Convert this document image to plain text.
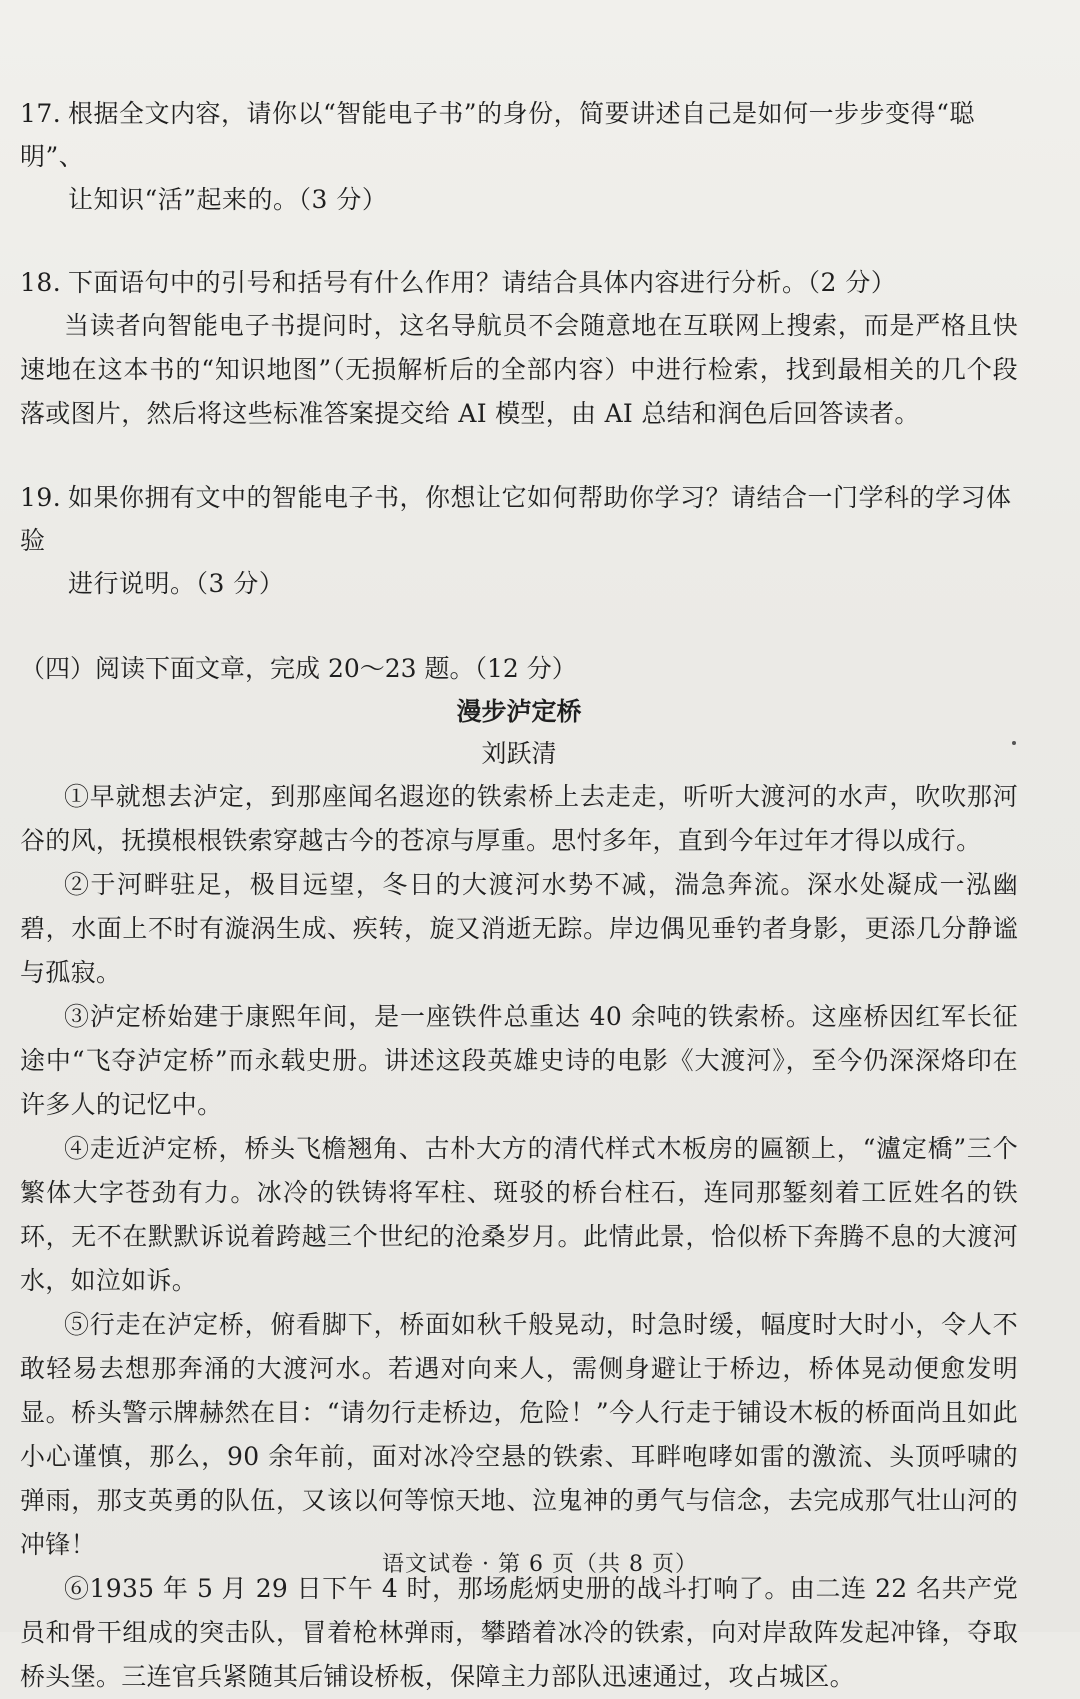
17. 根据全文内容，请你以“智能电子书”的身份，简要讲述自己是如何一步步变得“聪明”、
让知识“活”起来的。（3 分）
18. 下面语句中的引号和括号有什么作用？请结合具体内容进行分析。（2 分）

当读者向智能电子书提问时，这名导航员不会随意地在互联网上搜索，而是严格且快速地在这本书的“知识地图”（无损解析后的全部内容）中进行检索，找到最相关的几个段落或图片，然后将这些标准答案提交给 AI 模型，由 AI 总结和润色后回答读者。

19. 如果你拥有文中的智能电子书，你想让它如何帮助你学习？请结合一门学科的学习体验
进行说明。（3 分）

（四）阅读下面文章，完成 20～23 题。（12 分）

漫步泸定桥

刘跃清

①早就想去泸定，到那座闻名遐迩的铁索桥上去走走，听听大渡河的水声，吹吹那河谷的风，抚摸根根铁索穿越古今的苍凉与厚重。思忖多年，直到今年过年才得以成行。

②于河畔驻足，极目远望，冬日的大渡河水势不减，湍急奔流。深水处凝成一泓幽碧，水面上不时有漩涡生成、疾转，旋又消逝无踪。岸边偶见垂钓者身影，更添几分静谧与孤寂。

③泸定桥始建于康熙年间，是一座铁件总重达 40 余吨的铁索桥。这座桥因红军长征途中“飞夺泸定桥”而永载史册。讲述这段英雄史诗的电影《大渡河》，至今仍深深烙印在许多人的记忆中。

④走近泸定桥，桥头飞檐翘角、古朴大方的清代样式木板房的匾额上，“瀘定橋”三个繁体大字苍劲有力。冰冷的铁铸将军柱、斑驳的桥台柱石，连同那錾刻着工匠姓名的铁环，无不在默默诉说着跨越三个世纪的沧桑岁月。此情此景，恰似桥下奔腾不息的大渡河水，如泣如诉。

⑤行走在泸定桥，俯看脚下，桥面如秋千般晃动，时急时缓，幅度时大时小，令人不敢轻易去想那奔涌的大渡河水。若遇对向来人，需侧身避让于桥边，桥体晃动便愈发明显。桥头警示牌赫然在目：“请勿行走桥边，危险！”今人行走于铺设木板的桥面尚且如此小心谨慎，那么，90 余年前，面对冰冷空悬的铁索、耳畔咆哮如雷的激流、头顶呼啸的弹雨，那支英勇的队伍，又该以何等惊天地、泣鬼神的勇气与信念，去完成那气壮山河的冲锋！

⑥1935 年 5 月 29 日下午 4 时，那场彪炳史册的战斗打响了。由二连 22 名共产党员和骨干组成的突击队，冒着枪林弹雨，攀踏着冰冷的铁索，向对岸敌阵发起冲锋，夺取桥头堡。三连官兵紧随其后铺设桥板，保障主力部队迅速通过，攻占城区。

语文试卷 · 第 6 页（共 8 页）
